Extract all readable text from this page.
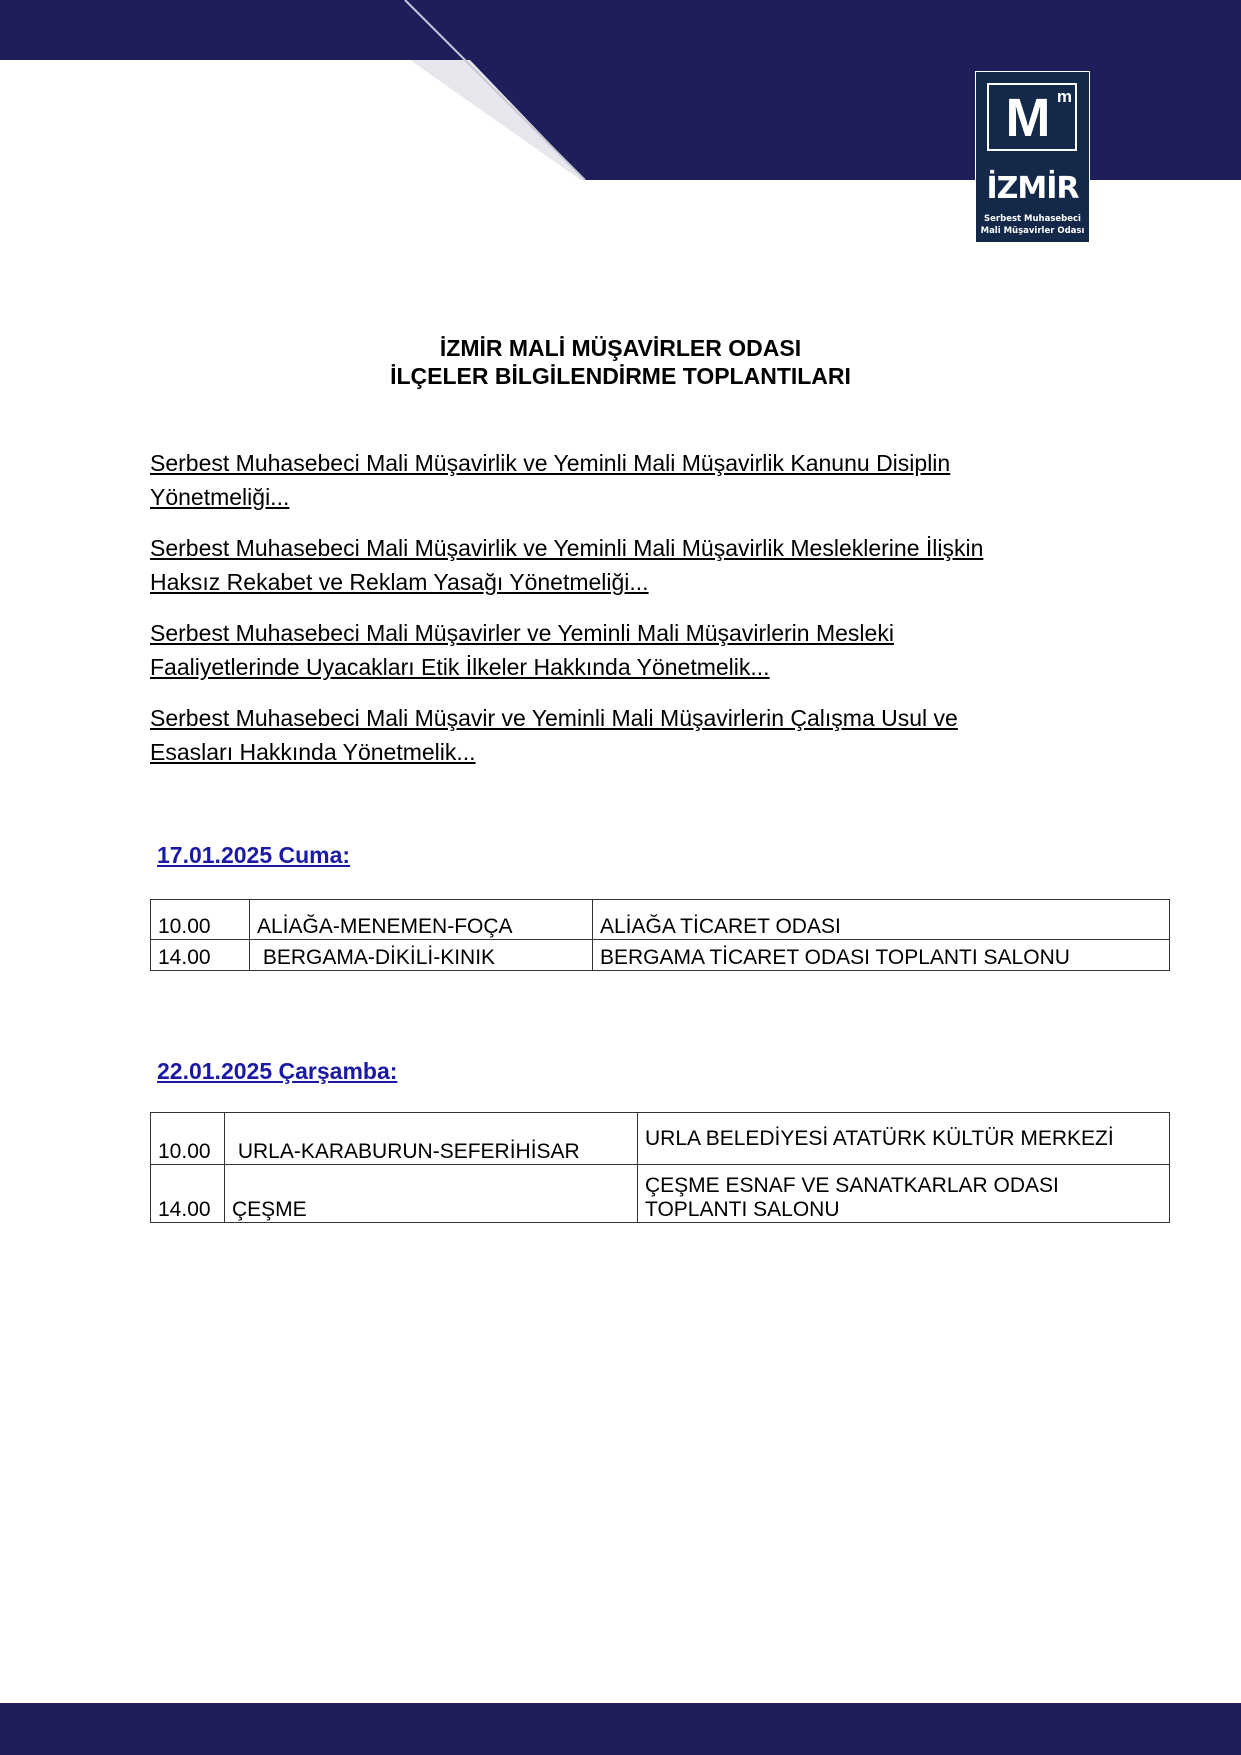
M m
İZMİR
Serbest Muhasebeci
Mali Müşavirler Odası
İZMİR MALİ MÜŞAVİRLER ODASI
İLÇELER BİLGİLENDİRME TOPLANTILARI
Serbest Muhasebeci Mali Müşavirlik ve Yeminli Mali Müşavirlik Kanunu Disiplin
Yönetmeliği...
Serbest Muhasebeci Mali Müşavirlik ve Yeminli Mali Müşavirlik Mesleklerine İlişkin
Haksız Rekabet ve Reklam Yasağı Yönetmeliği...
Serbest Muhasebeci Mali Müşavirler ve Yeminli Mali Müşavirlerin Mesleki
Faaliyetlerinde Uyacakları Etik İlkeler Hakkında Yönetmelik...
Serbest Muhasebeci Mali Müşavir ve Yeminli Mali Müşavirlerin Çalışma Usul ve
Esasları Hakkında Yönetmelik...
17.01.2025 Cuma:
10.00	ALİAĞA-MENEMEN-FOÇA	ALİAĞA TİCARET ODASI
14.00	BERGAMA-DİKİLİ-KINIK	BERGAMA TİCARET ODASI TOPLANTI SALONU
22.01.2025 Çarşamba:
10.00	URLA-KARABURUN-SEFERİHİSAR	URLA BELEDİYESİ ATATÜRK KÜLTÜR MERKEZİ
14.00	ÇEŞME	ÇEŞME ESNAF VE SANATKARLAR ODASI
TOPLANTI SALONU
